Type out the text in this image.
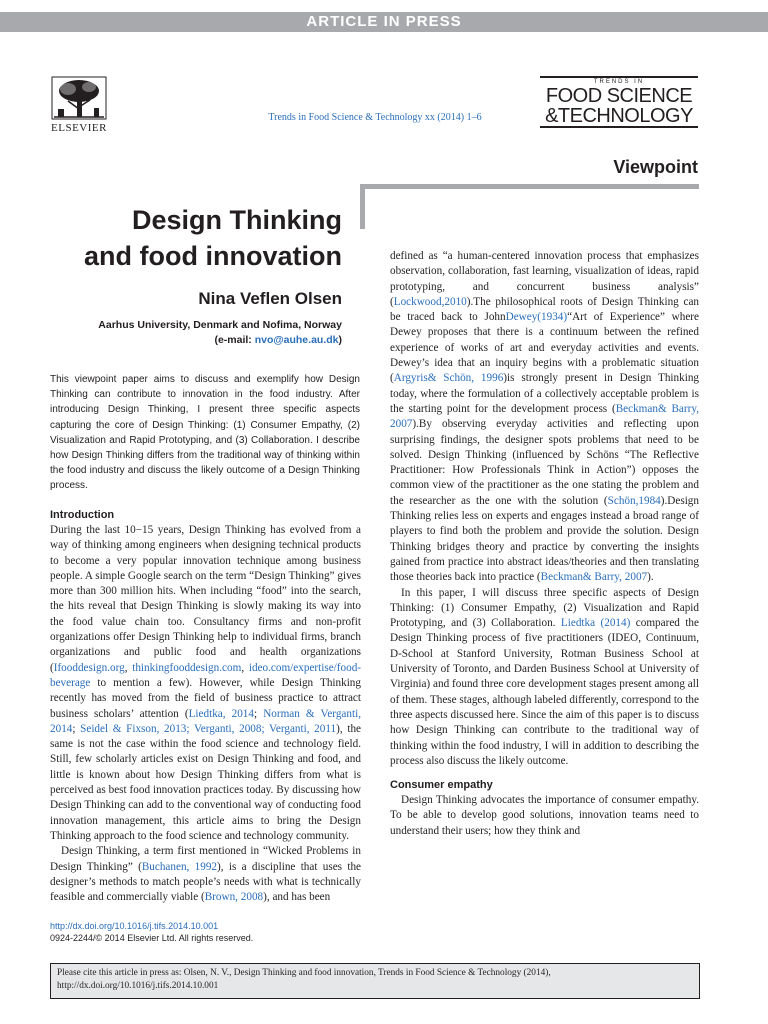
ARTICLE IN PRESS
ELSEVIER
Trends in Food Science & Technology xx (2014) 1–6
TRENDS IN
FOOD SCIENCE
&TECHNOLOGY
Viewpoint
Design Thinking
and food innovation
Nina Veflen Olsen
Aarhus University, Denmark and Nofima, Norway
(e-mail: nvo@auhe.au.dk)
This viewpoint paper aims to discuss and exemplify how Design Thinking can contribute to innovation in the food industry. After introducing Design Thinking, I present three specific aspects capturing the core of Design Thinking: (1) Consumer Empathy, (2) Visualization and Rapid Prototyping, and (3) Collaboration. I describe how Design Thinking differs from the traditional way of thinking within the food industry and discuss the likely outcome of a Design Thinking process.
Introduction

During the last 10−15 years, Design Thinking has evolved from a way of thinking among engineers when designing technical products to become a very popular innovation technique among business people. A simple Google search on the term “Design Thinking” gives more than 300 million hits. When including “food” into the search, the hits reveal that Design Thinking is slowly making its way into the food value chain too. Consultancy firms and non-profit organizations offer Design Thinking help to individual firms, branch organizations and public food and health organizations (Ifooddesign.org, thinkingfooddesign.com, ideo.com/expertise/food-beverage to mention a few). However, while Design Thinking recently has moved from the field of business practice to attract business scholars’ attention (Liedtka, 2014; Norman & Verganti, 2014; Seidel & Fixson, 2013; Verganti, 2008; Verganti, 2011), the same is not the case within the food science and technology field. Still, few scholarly articles exist on Design Thinking and food, and little is known about how Design Thinking differs from what is perceived as best food innovation practices today. By discussing how Design Thinking can add to the conventional way of conducting food innovation management, this article aims to bring the Design Thinking approach to the food science and technology community.

Design Thinking, a term first mentioned in “Wicked Problems in Design Thinking” (Buchanen, 1992), is a discipline that uses the designer’s methods to match people’s needs with what is technically feasible and commercially viable (Brown, 2008), and has been

defined as “a human-centered innovation process that emphasizes observation, collaboration, fast learning, visualization of ideas, rapid prototyping, and concurrent business analysis” (Lockwood,2010).The philosophical roots of Design Thinking can be traced back to JohnDewey(1934)“Art of Experience” where Dewey proposes that there is a continuum between the refined experience of works of art and everyday activities and events. Dewey’s idea that an inquiry begins with a problematic situation (Argyris& Schön, 1996)is strongly present in Design Thinking today, where the formulation of a collectively acceptable problem is the starting point for the development process (Beckman& Barry, 2007).By observing everyday activities and reflecting upon surprising findings, the designer spots problems that need to be solved. Design Thinking (influenced by Schöns “The Reflective Practitioner: How Professionals Think in Action”) opposes the common view of the practitioner as the one stating the problem and the researcher as the one with the solution (Schön,1984).Design Thinking relies less on experts and engages instead a broad range of players to find both the problem and provide the solution. Design Thinking bridges theory and practice by converting the insights gained from practice into abstract ideas/theories and then translating those theories back into practice (Beckman& Barry, 2007).

In this paper, I will discuss three specific aspects of Design Thinking: (1) Consumer Empathy, (2) Visualization and Rapid Prototyping, and (3) Collaboration. Liedtka (2014) compared the Design Thinking process of five practitioners (IDEO, Continuum, D-School at Stanford University, Rotman Business School at University of Toronto, and Darden Business School at University of Virginia) and found three core development stages present among all of them. These stages, although labeled differently, correspond to the three aspects discussed here. Since the aim of this paper is to discuss how Design Thinking can contribute to the traditional way of thinking within the food industry, I will in addition to describing the process also discuss the likely outcome.

Consumer empathy

Design Thinking advocates the importance of consumer empathy. To be able to develop good solutions, innovation teams need to understand their users; how they think and

http://dx.doi.org/10.1016/j.tifs.2014.10.001
0924-2244/© 2014 Elsevier Ltd. All rights reserved.
Please cite this article in press as: Olsen, N. V., Design Thinking and food innovation, Trends in Food Science & Technology (2014), http://dx.doi.org/10.1016/j.tifs.2014.10.001
